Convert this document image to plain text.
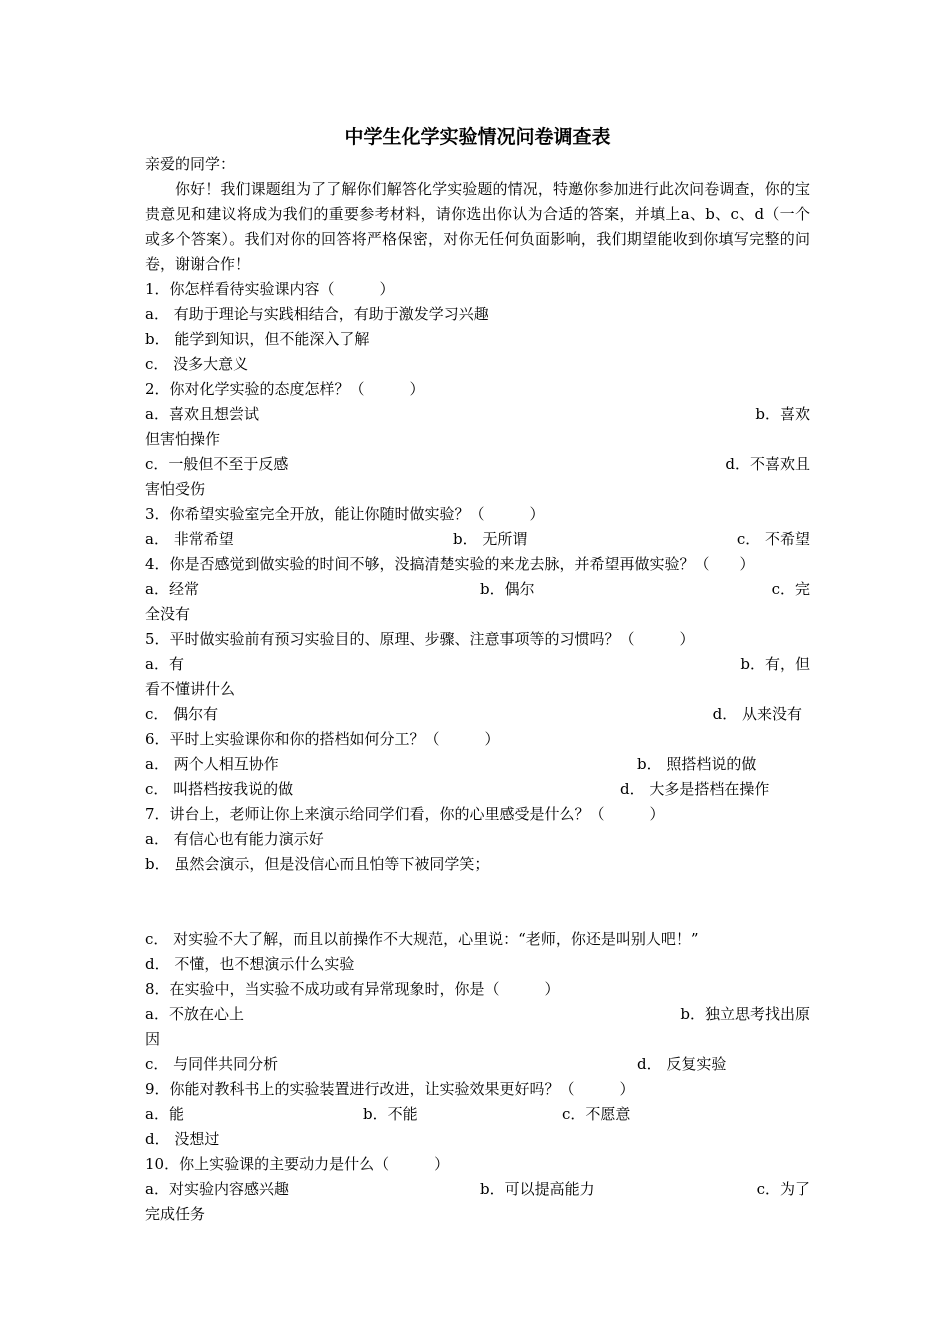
中学生化学实验情况问卷调查表

亲爱的同学：

你好！我们课题组为了了解你们解答化学实验题的情况，特邀你参加进行此次问卷调查，你的宝贵意见和建议将成为我们的重要参考材料，请你选出你认为合适的答案，并填上a、b、c、d（一个或多个答案）。我们对你的回答将严格保密，对你无任何负面影响，我们期望能收到你填写完整的问卷，谢谢合作！

1．你怎样看待实验课内容（　　　）

a． 有助于理论与实践相结合，有助于激发学习兴趣

b． 能学到知识，但不能深入了解

c． 没多大意义

2．你对化学实验的态度怎样？（　　　）

a．喜欢且想尝试	b．喜欢

但害怕操作

c．一般但不至于反感	d．不喜欢且

害怕受伤

3．你希望实验室完全开放，能让你随时做实验？（　　　）

a． 非常希望	b． 无所谓	c． 不希望

4．你是否感觉到做实验的时间不够，没搞清楚实验的来龙去脉，并希望再做实验？（　　）

a．经常	b．偶尔	c．完

全没有

5．平时做实验前有预习实验目的、原理、步骤、注意事项等的习惯吗？（　　　）

a．有	b．有，但

看不懂讲什么

c． 偶尔有	d． 从来没有

6．平时上实验课你和你的搭档如何分工？（　　　）

a． 两个人相互协作	b． 照搭档说的做
c． 叫搭档按我说的做	d． 大多是搭档在操作

7．讲台上，老师让你上来演示给同学们看，你的心里感受是什么？（　　　）

a． 有信心也有能力演示好

b． 虽然会演示，但是没信心而且怕等下被同学笑；

c． 对实验不大了解，而且以前操作不大规范，心里说：“老师，你还是叫别人吧！”

d． 不懂，也不想演示什么实验

8．在实验中，当实验不成功或有异常现象时，你是（　　　）

a．不放在心上	b．独立思考找出原

因

c． 与同伴共同分析	d． 反复实验

9．你能对教科书上的实验装置进行改进，让实验效果更好吗？（　　　）

a．能	b．不能	c．不愿意

d． 没想过

10．你上实验课的主要动力是什么（　　　）

a．对实验内容感兴趣	b．可以提高能力	c．为了

完成任务
